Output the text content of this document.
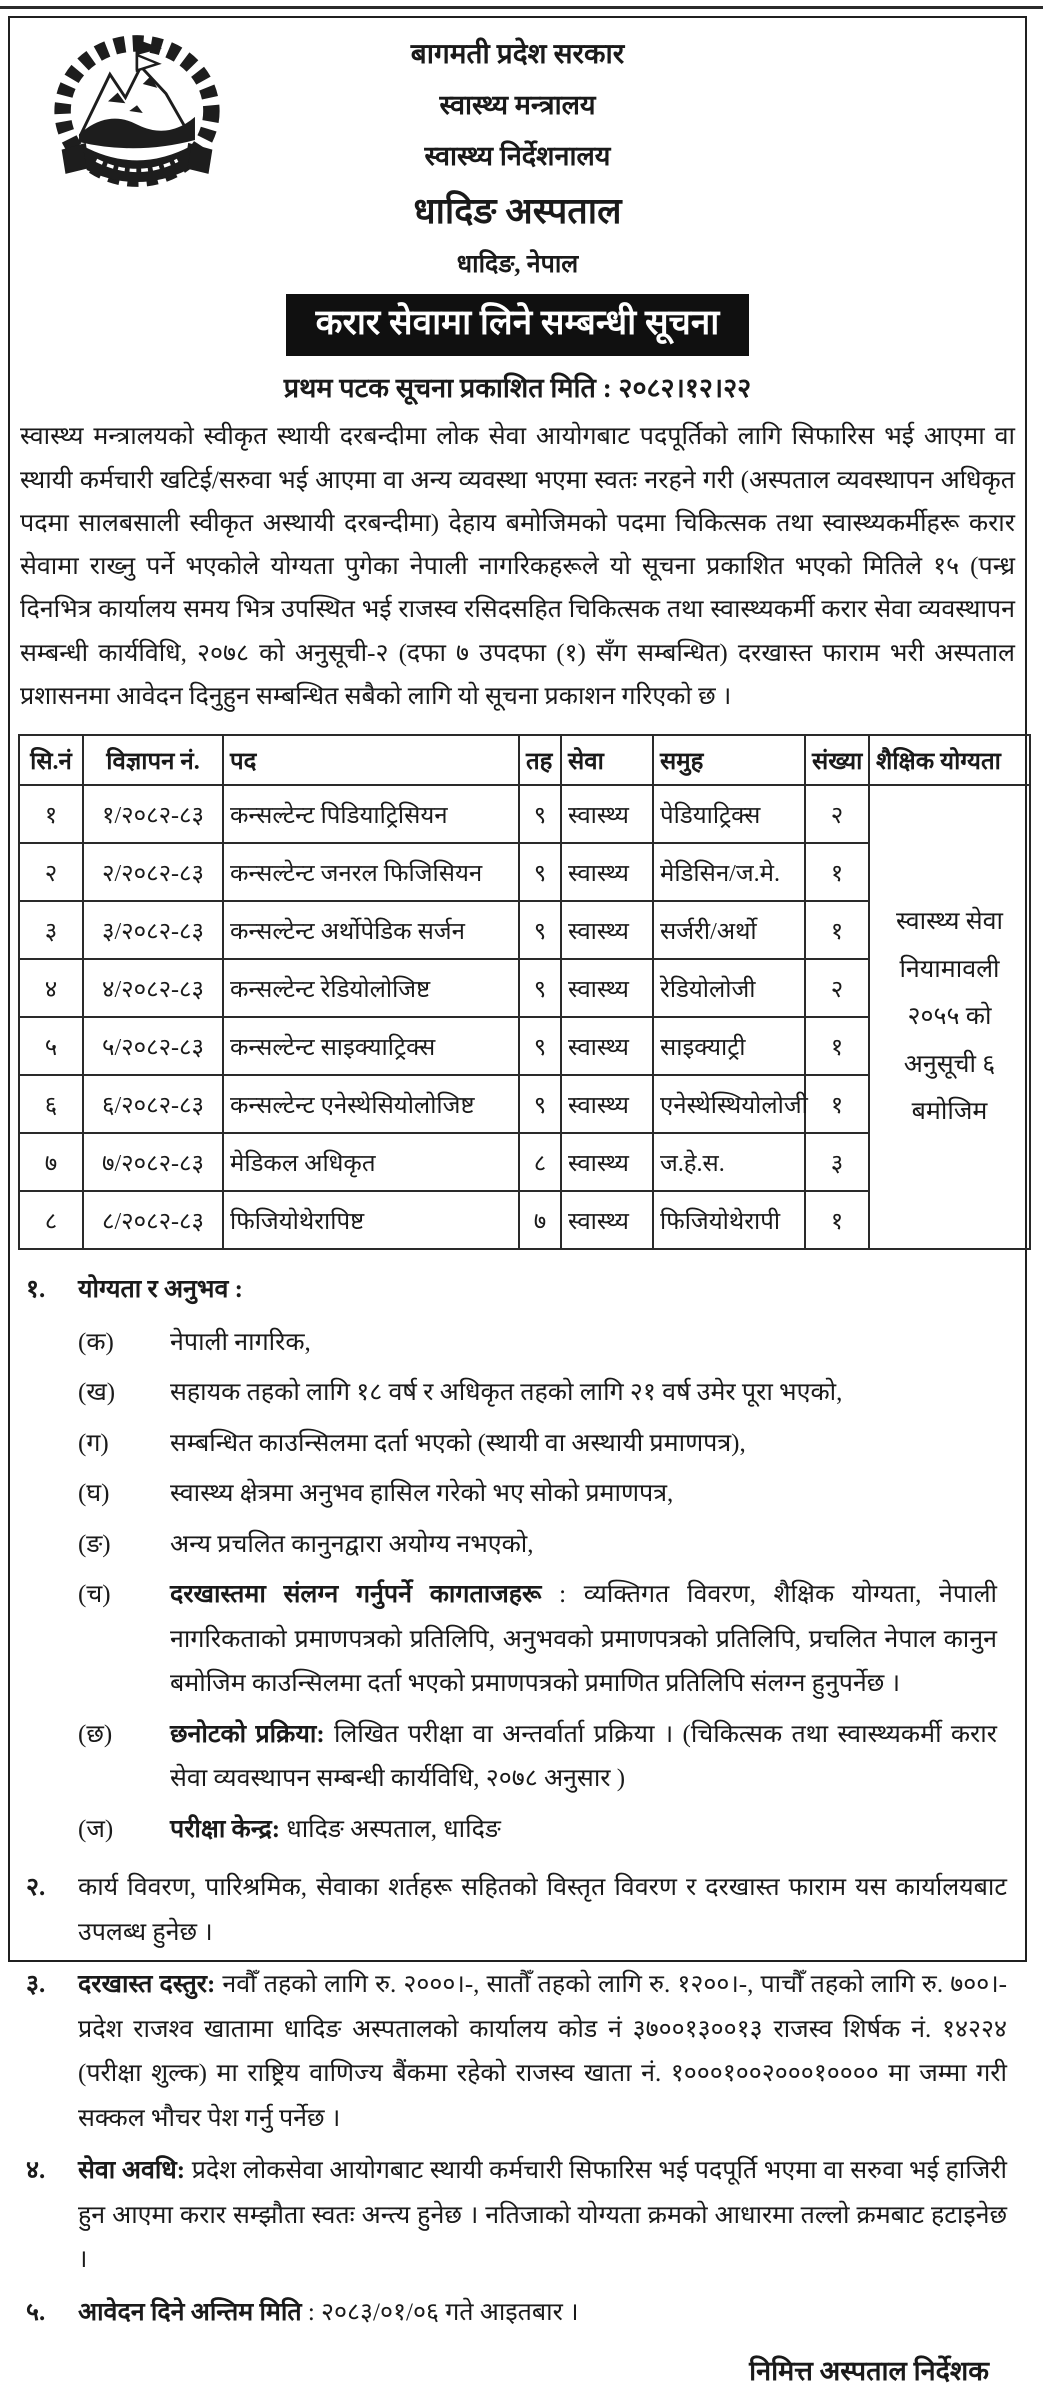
बागमती प्रदेश सरकार
स्वास्थ्य मन्त्रालय
स्वास्थ्य निर्देशनालय
धादिङ अस्पताल
धादिङ, नेपाल
करार सेवामा लिने सम्बन्धी सूचना
प्रथम पटक सूचना प्रकाशित मिति : २०८२।१२।२२
स्वास्थ्य मन्त्रालयको स्वीकृत स्थायी दरबन्दीमा लोक सेवा आयोगबाट पदपूर्तिको लागि सिफारिस भई आएमा वा स्थायी कर्मचारी खटिई/सरुवा भई आएमा वा अन्य व्यवस्था भएमा स्वतः नरहने गरी (अस्पताल व्यवस्थापन अधिकृत पदमा सालबसाली स्वीकृत अस्थायी दरबन्दीमा) देहाय बमोजिमको पदमा चिकित्सक तथा स्वास्थ्यकर्मीहरू करार सेवामा राख्नु पर्ने भएकोले योग्यता पुगेका नेपाली नागरिकहरूले यो सूचना प्रकाशित भएको मितिले १५ (पन्ध्र दिनभित्र कार्यालय समय भित्र उपस्थित भई राजस्व रसिदसहित चिकित्सक तथा स्वास्थ्यकर्मी करार सेवा व्यवस्थापन सम्बन्धी कार्यविधि, २०७८ को अनुसूची-२ (दफा ७ उपदफा (१) सँग सम्बन्धित) दरखास्त फाराम भरी अस्पताल प्रशासनमा आवेदन दिनुहुन सम्बन्धित सबैको लागि यो सूचना प्रकाशन गरिएको छ ।
सि.नं	विज्ञापन नं.	पद	तह	सेवा	समुह	संख्या	शैक्षिक योग्यता
१	१/२०८२-८३	कन्सल्टेन्ट पिडियाट्रिसियन	९	स्वास्थ्य	पेडियाट्रिक्स	२	स्वास्थ्य सेवा नियामावली २०५५ को अनुसूची ६ बमोजिम
२	२/२०८२-८३	कन्सल्टेन्ट जनरल फिजिसियन	९	स्वास्थ्य	मेडिसिन/ज.मे.	१	
३	३/२०८२-८३	कन्सल्टेन्ट अर्थोपेडिक सर्जन	९	स्वास्थ्य	सर्जरी/अर्थो	१	
४	४/२०८२-८३	कन्सल्टेन्ट रेडियोलोजिष्ट	९	स्वास्थ्य	रेडियोलोजी	२	
५	५/२०८२-८३	कन्सल्टेन्ट साइक्याट्रिक्स	९	स्वास्थ्य	साइक्याट्री	१	
६	६/२०८२-८३	कन्सल्टेन्ट एनेस्थेसियोलोजिष्ट	९	स्वास्थ्य	एनेस्थेस्थियोलोजी	१	
७	७/२०८२-८३	मेडिकल अधिकृत	८	स्वास्थ्य	ज.हे.स.	३	
८	८/२०८२-८३	फिजियोथेरापिष्ट	७	स्वास्थ्य	फिजियोथेरापी	१	
१.	योग्यता र अनुभव :
(क)	नेपाली नागरिक,
(ख)	सहायक तहको लागि १८ वर्ष र अधिकृत तहको लागि २१ वर्ष उमेर पूरा भएको,
(ग)	सम्बन्धित काउन्सिलमा दर्ता भएको (स्थायी वा अस्थायी प्रमाणपत्र),
(घ)	स्वास्थ्य क्षेत्रमा अनुभव हासिल गरेको भए सोको प्रमाणपत्र,
(ङ)	अन्य प्रचलित कानुनद्वारा अयोग्य नभएको,
(च)	दरखास्तमा संलग्न गर्नुपर्ने कागताजहरू : व्यक्तिगत विवरण, शैक्षिक योग्यता, नेपाली नागरिकताको प्रमाणपत्रको प्रतिलिपि, अनुभवको प्रमाणपत्रको प्रतिलिपि, प्रचलित नेपाल कानुन बमोजिम काउन्सिलमा दर्ता भएको प्रमाणपत्रको प्रमाणित प्रतिलिपि संलग्न हुनुपर्नेछ ।
(छ)	छनोटको प्रक्रिया: लिखित परीक्षा वा अन्तर्वार्ता प्रक्रिया । (चिकित्सक तथा स्वास्थ्यकर्मी करार सेवा व्यवस्थापन सम्बन्धी कार्यविधि, २०७८ अनुसार )
(ज)	परीक्षा केन्द्र: धादिङ अस्पताल, धादिङ
२.	कार्य विवरण, पारिश्रमिक, सेवाका शर्तहरू सहितको विस्तृत विवरण र दरखास्त फाराम यस कार्यालयबाट उपलब्ध हुनेछ ।
३.	दरखास्त दस्तुर: नवौँ तहको लागि रु. २०००।-, सातौँ तहको लागि रु. १२००।-, पाचौँ तहको लागि रु. ७००।- प्रदेश राजश्व खातामा धादिङ अस्पतालको कार्यालय कोड नं ३७००१३००१३ राजस्व शिर्षक नं. १४२२४ (परीक्षा शुल्क) मा राष्ट्रिय वाणिज्य बैंकमा रहेको राजस्व खाता नं. १०००१००२०००१०००० मा जम्मा गरी सक्कल भौचर पेश गर्नु पर्नेछ ।
४.	सेवा अवधि: प्रदेश लोकसेवा आयोगबाट स्थायी कर्मचारी सिफारिस भई पदपूर्ति भएमा वा सरुवा भई हाजिरी हुन आएमा करार सम्झौता स्वतः अन्त्य हुनेछ । नतिजाको योग्यता क्रमको आधारमा तल्लो क्रमबाट हटाइनेछ ।
५.	आवेदन दिने अन्तिम मिति : २०८३/०१/०६ गते आइतबार ।
निमित्त अस्पताल निर्देशक
